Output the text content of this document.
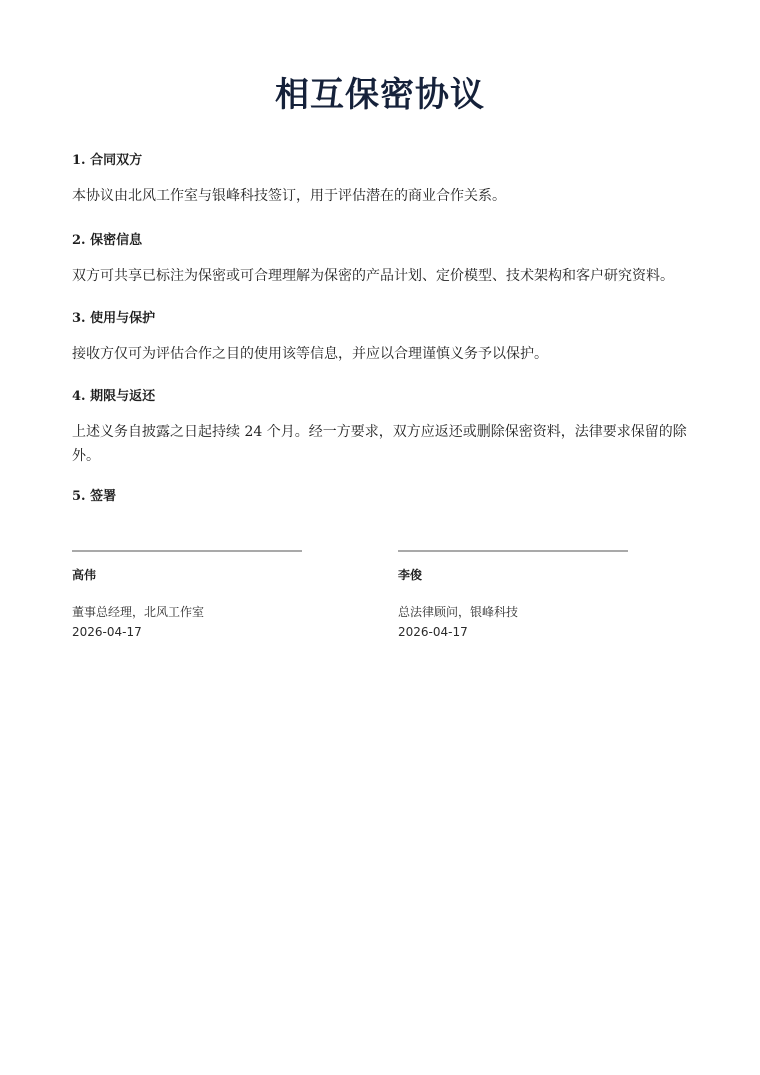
相互保密协议

1. 合同双方

本协议由北风工作室与银峰科技签订，用于评估潜在的商业合作关系。

2. 保密信息

双方可共享已标注为保密或可合理理解为保密的产品计划、定价模型、技术架构和客户研究资料。

3. 使用与保护

接收方仅可为评估合作之目的使用该等信息，并应以合理谨慎义务予以保护。

4. 期限与返还

上述义务自披露之日起持续 24 个月。经一方要求，双方应返还或删除保密资料，法律要求保留的除外。

5. 签署

高伟
董事总经理，北风工作室
2026-04-17
李俊
总法律顾问，银峰科技
2026-04-17
